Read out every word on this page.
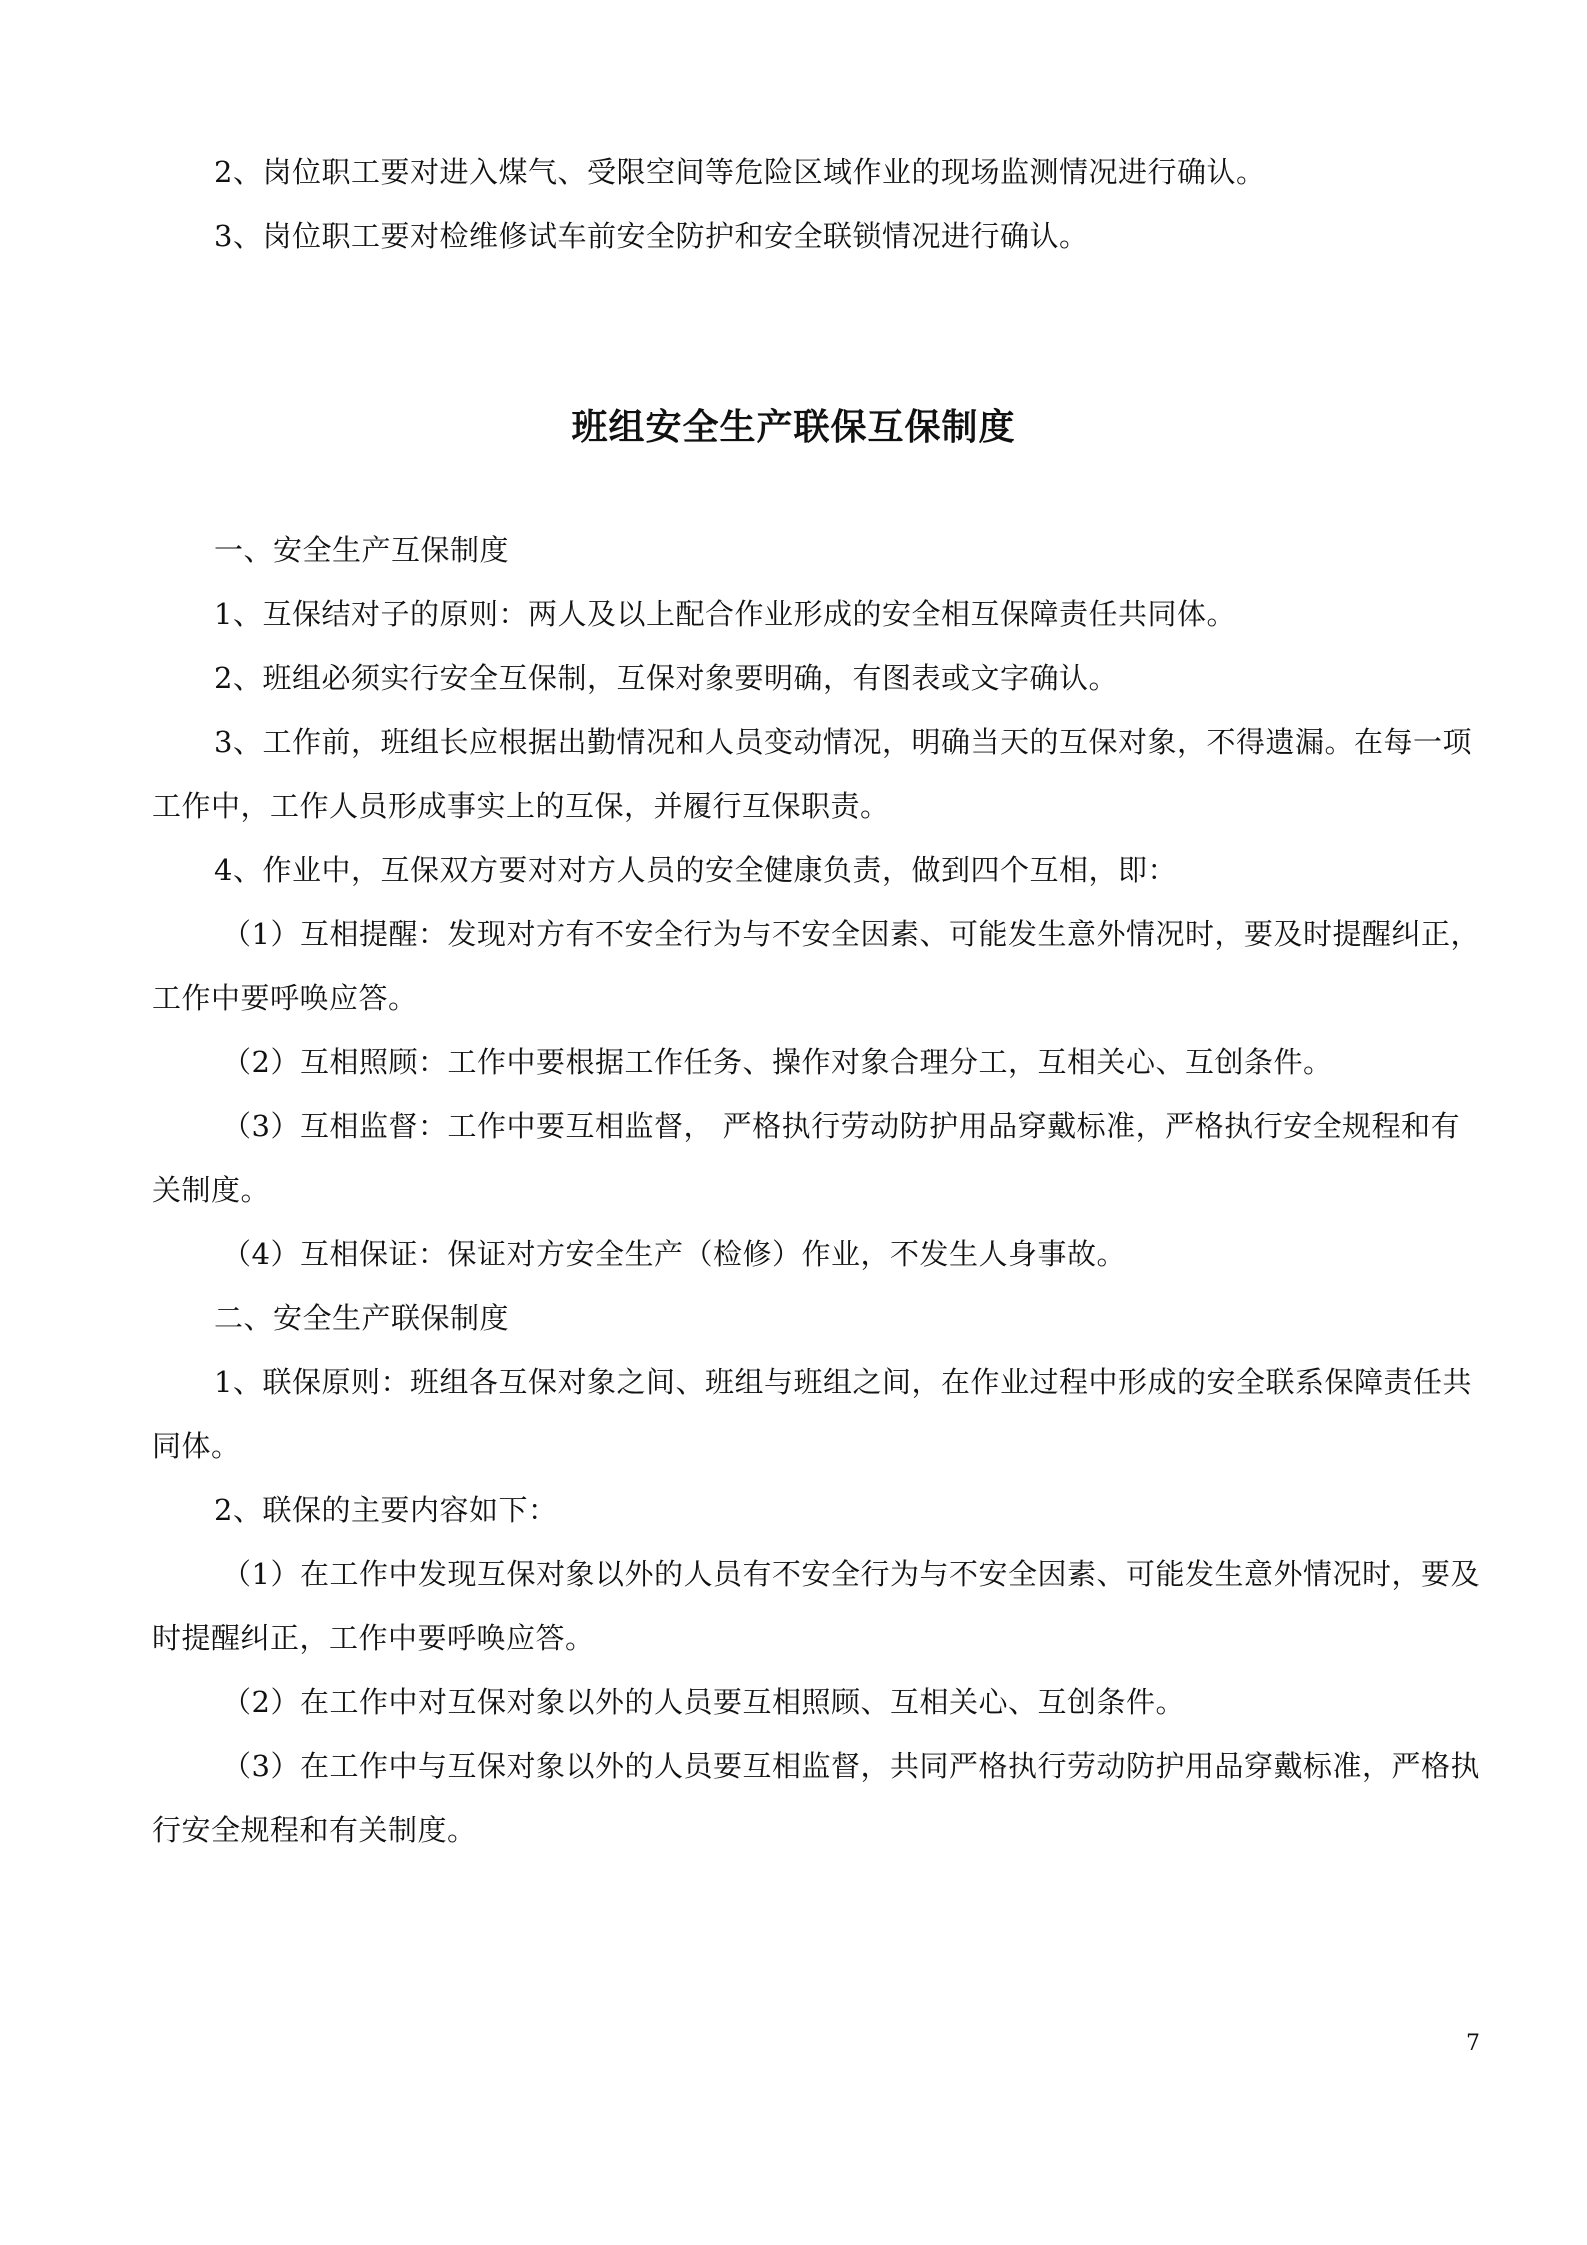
2、岗位职工要对进入煤气、受限空间等危险区域作业的现场监测情况进行确认。

3、岗位职工要对检维修试车前安全防护和安全联锁情况进行确认。

班组安全生产联保互保制度

一、安全生产互保制度

1、互保结对子的原则：两人及以上配合作业形成的安全相互保障责任共同体。

2、班组必须实行安全互保制，互保对象要明确，有图表或文字确认。

3、工作前，班组长应根据出勤情况和人员变动情况，明确当天的互保对象，不得遗漏。在每一项工作中，工作人员形成事实上的互保，并履行互保职责。

4、作业中，互保双方要对对方人员的安全健康负责，做到四个互相，即：

（1）互相提醒：发现对方有不安全行为与不安全因素、可能发生意外情况时，要及时提醒纠正，工作中要呼唤应答。

（2）互相照顾：工作中要根据工作任务、操作对象合理分工，互相关心、互创条件。

（3）互相监督：工作中要互相监督， 严格执行劳动防护用品穿戴标准，严格执行安全规程和有关制度。

（4）互相保证：保证对方安全生产（检修）作业，不发生人身事故。

二、安全生产联保制度

1、联保原则：班组各互保对象之间、班组与班组之间，在作业过程中形成的安全联系保障责任共同体。

2、联保的主要内容如下：

（1）在工作中发现互保对象以外的人员有不安全行为与不安全因素、可能发生意外情况时，要及时提醒纠正，工作中要呼唤应答。

（2）在工作中对互保对象以外的人员要互相照顾、互相关心、互创条件。

（3）在工作中与互保对象以外的人员要互相监督，共同严格执行劳动防护用品穿戴标准，严格执行安全规程和有关制度。

7
